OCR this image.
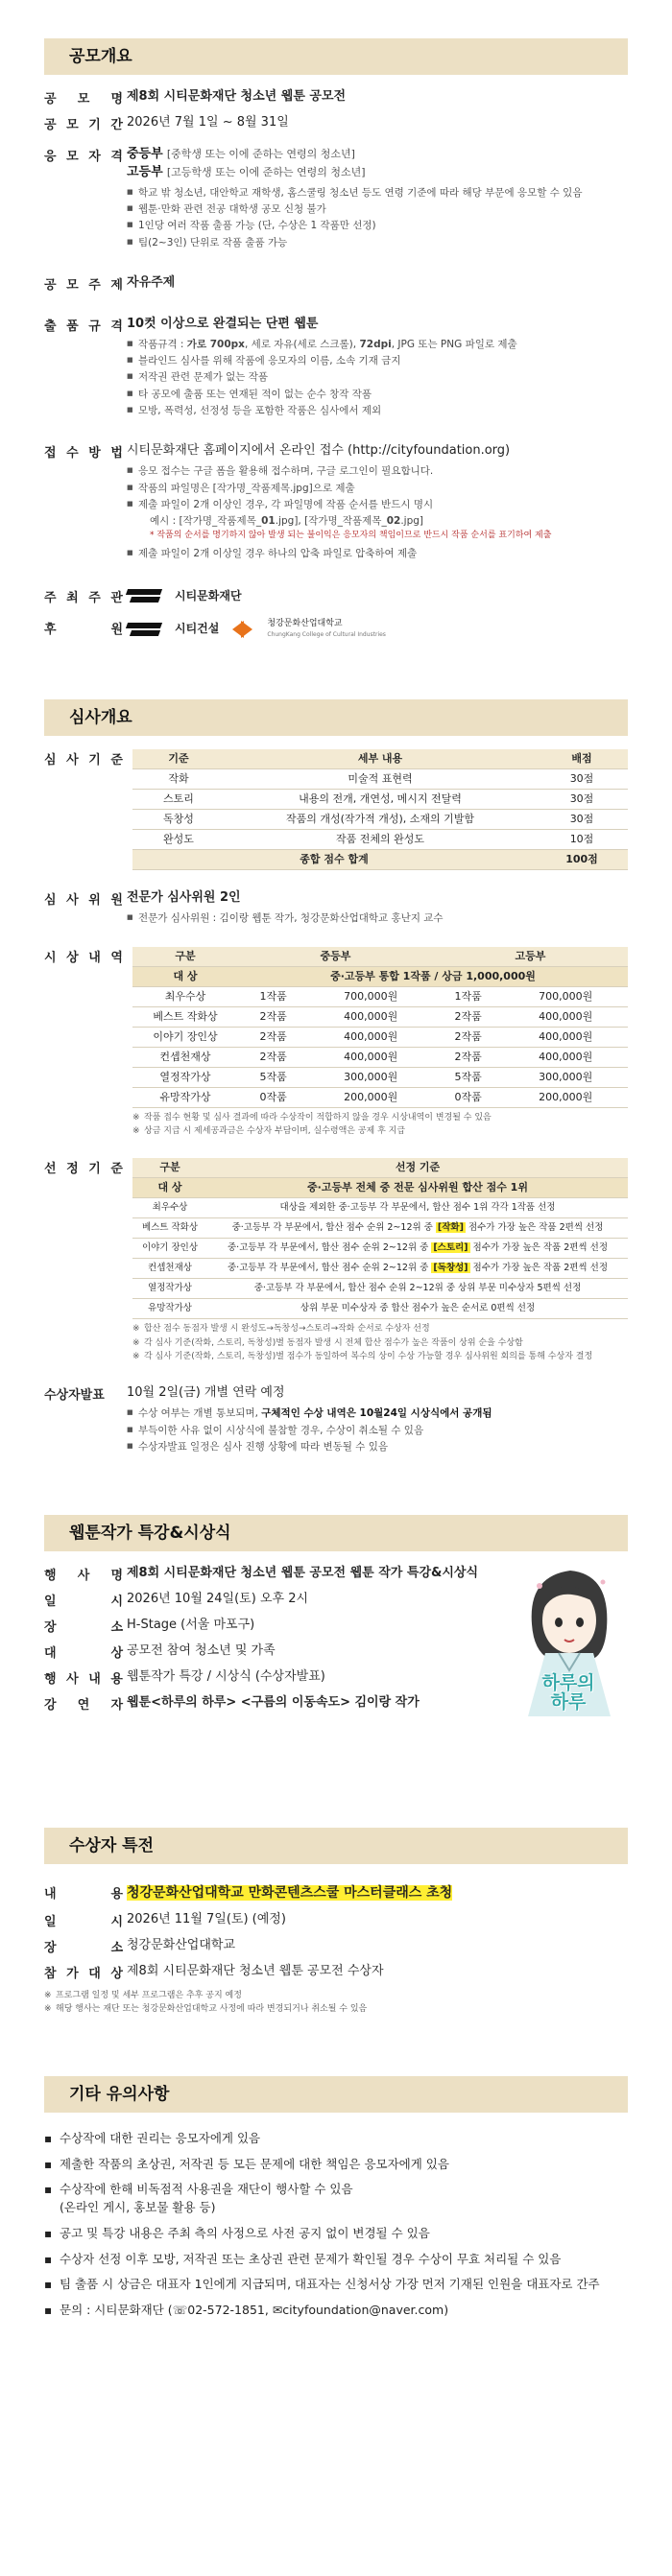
공모개요
공 모 명 제8회 시티문화재단 청소년 웹툰 공모전
공 모 기 간 2026년 7월 1일 ~ 8월 31일
응 모 자 격 중등부 [중학생 또는 이에 준하는 연령의 청소년]
고등부 [고등학생 또는 이에 준하는 연령의 청소년]
■ 학교 밖 청소년, 대안학교 재학생, 홈스쿨링 청소년 등도 연령 기준에 따라 해당 부문에 응모할 수 있음
■ 웹툰·만화 관련 전공 대학생 공모 신청 불가
■ 1인당 여러 작품 출품 가능 (단, 수상은 1 작품만 선정)
■ 팀(2~3인) 단위로 작품 출품 가능
공 모 주 제 자유주제
출 품 규 격 10컷 이상으로 완결되는 단편 웹툰
■ 작품규격 : 가로 700px, 세로 자유(세로 스크롤), 72dpi, JPG 또는 PNG 파일로 제출
■ 블라인드 심사를 위해 작품에 응모자의 이름, 소속 기재 금지
■ 저작권 관련 문제가 없는 작품
■ 타 공모에 출품 또는 연재된 적이 없는 순수 창작 작품
■ 모방, 폭력성, 선정성 등을 포함한 작품은 심사에서 제외
접 수 방 법 시티문화재단 홈페이지에서 온라인 접수 (http://cityfoundation.org)
■ 응모 접수는 구글 폼을 활용해 접수하며, 구글 로그인이 필요합니다.
■ 작품의 파일명은 [작가명_작품제목.jpg]으로 제출
■ 제출 파일이 2개 이상인 경우, 각 파일명에 작품 순서를 반드시 명시
예시 : [작가명_작품제목_01.jpg], [작가명_작품제목_02.jpg]
* 작품의 순서를 명기하지 않아 발생 되는 불이익은 응모자의 책임이므로 반드시 작품 순서를 표기하여 제출
■ 제출 파일이 2개 이상일 경우 하나의 압축 파일로 압축하여 제출
주 최 주 관	시티문화재단
후	원	시티건설	청강문화산업대학교
ChungKang College of Cultural Industries
심사개요
심 사 기 준	기준	세부 내용	배점
작화	미술적 표현력	30점
스토리	내용의 전개, 개연성, 메시지 전달력	30점
독창성	작품의 개성(작가적 개성), 소재의 기발함	30점
완성도	작품 전체의 완성도	10점
종합 점수 합계		100점
심 사 위 원 전문가 심사위원 2인
■ 전문가 심사위원 : 김이랑 웹툰 작가, 청강문화산업대학교 홍난지 교수
시 상 내 역	구분	중등부		고등부	
대 상	중·고등부 통합 1작품 / 상금 1,000,000원			
최우수상	1작품	700,000원	1작품	700,000원
베스트 작화상	2작품	400,000원	2작품	400,000원
이야기 장인상	2작품	400,000원	2작품	400,000원
컨셉천재상	2작품	400,000원	2작품	400,000원
열정작가상	5작품	300,000원	5작품	300,000원
유망작가상	0작품	200,000원	0작품	200,000원
※ 작품 접수 현황 및 심사 결과에 따라 수상작이 적합하지 않을 경우 시상내역이 변경될 수 있음
※ 상금 지급 시 제세공과금은 수상자 부담이며, 실수령액은 공제 후 지급
선 정 기 준	구분	선정 기준
대 상	중·고등부 전체 중 전문 심사위원 합산 점수 1위
최우수상	대상을 제외한 중·고등부 각 부문에서, 합산 점수 1위 각각 1작품 선정
베스트 작화상	중·고등부 각 부문에서, 합산 점수 순위 2~12위 중 [작화] 점수가 가장 높은 작품 2편씩 선정
이야기 장인상	중·고등부 각 부문에서, 합산 점수 순위 2~12위 중 [스토리] 점수가 가장 높은 작품 2편씩 선정
컨셉천재상	중·고등부 각 부문에서, 합산 점수 순위 2~12위 중 [독창성] 점수가 가장 높은 작품 2편씩 선정
열정작가상	중·고등부 각 부문에서, 합산 점수 순위 2~12위 중 상위 부문 미수상자 5편씩 선정
유망작가상	상위 부문 미수상자 중 합산 점수가 높은 순서로 0편씩 선정
※ 합산 점수 동점자 발생 시 완성도→독창성→스토리→작화 순서로 수상자 선정
※ 각 심사 기준(작화, 스토리, 독창성)별 동점자 발생 시 전체 합산 점수가 높은 작품이 상위 순을 수상함
※ 각 심사 기준(작화, 스토리, 독창성)별 점수가 동일하여 복수의 상이 수상 가능할 경우 심사위원 회의를 통해 수상자 결정
수상자발표 10월 2일(금) 개별 연락 예정
■ 수상 여부는 개별 통보되며, 구체적인 수상 내역은 10월24일 시상식에서 공개됨
■ 부득이한 사유 없이 시상식에 불참할 경우, 수상이 취소될 수 있음
■ 수상자발표 일정은 심사 진행 상황에 따라 변동될 수 있음
웹툰작가 특강&시상식
행 사 명 제8회 시티문화재단 청소년 웹툰 공모전 웹툰 작가 특강&시상식
일	시 2026년 10월 24일(토) 오후 2시
장	소 H-Stage (서울 마포구)
대	상 공모전 참여 청소년 및 가족
행 사 내 용 웹툰작가 특강 / 시상식 (수상자발표)
강 연 자 웹툰<하루의 하루> <구름의 이동속도> 김이랑 작가
하루의
하루
수상자 특전
내	용 청강문화산업대학교 만화콘텐츠스쿨 마스터클래스 초청
일	시 2026년 11월 7일(토) (예정)
장	소 청강문화산업대학교
참 가 대 상 제8회 시티문화재단 청소년 웹툰 공모전 수상자
※ 프로그램 일정 및 세부 프로그램은 추후 공지 예정
※ 해당 행사는 재단 또는 청강문화산업대학교 사정에 따라 변경되거나 취소될 수 있음
기타 유의사항
▪ 수상작에 대한 권리는 응모자에게 있음
▪ 제출한 작품의 초상권, 저작권 등 모든 문제에 대한 책임은 응모자에게 있음
▪ 수상작에 한해 비독점적 사용권을 재단이 행사할 수 있음
(온라인 게시, 홍보물 활용 등)
▪ 공고 및 특강 내용은 주최 측의 사정으로 사전 공지 없이 변경될 수 있음
▪ 수상자 선정 이후 모방, 저작권 또는 초상권 관련 문제가 확인될 경우 수상이 무효 처리될 수 있음
▪ 팀 출품 시 상금은 대표자 1인에게 지급되며, 대표자는 신청서상 가장 먼저 기재된 인원을 대표자로 간주
▪ 문의 : 시티문화재단 (☏02-572-1851, ✉cityfoundation@naver.com)
